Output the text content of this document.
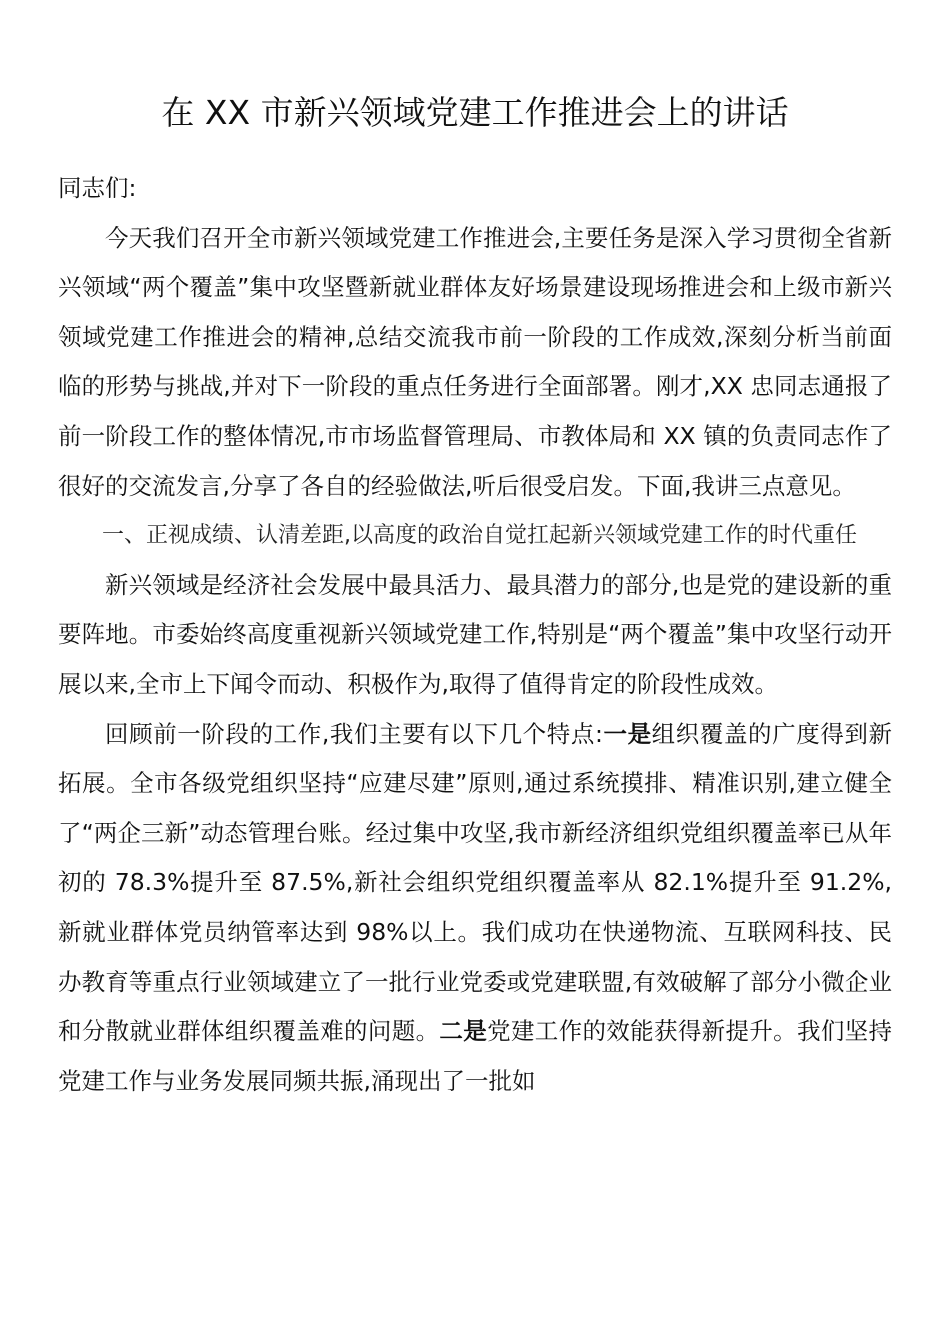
在 XX 市新兴领域党建工作推进会上的讲话

同志们:

今天我们召开全市新兴领域党建工作推进会,主要任务是深入学习贯彻全省新兴领域“两个覆盖”集中攻坚暨新就业群体友好场景建设现场推进会和上级市新兴领域党建工作推进会的精神,总结交流我市前一阶段的工作成效,深刻分析当前面临的形势与挑战,并对下一阶段的重点任务进行全面部署。刚才,XX 忠同志通报了前一阶段工作的整体情况,市市场监督管理局、市教体局和 XX 镇的负责同志作了很好的交流发言,分享了各自的经验做法,听后很受启发。下面,我讲三点意见。

一、正视成绩、认清差距,以高度的政治自觉扛起新兴领域党建工作的时代重任

新兴领域是经济社会发展中最具活力、最具潜力的部分,也是党的建设新的重要阵地。市委始终高度重视新兴领域党建工作,特别是“两个覆盖”集中攻坚行动开展以来,全市上下闻令而动、积极作为,取得了值得肯定的阶段性成效。

回顾前一阶段的工作,我们主要有以下几个特点:一是组织覆盖的广度得到新拓展。全市各级党组织坚持“应建尽建”原则,通过系统摸排、精准识别,建立健全了“两企三新”动态管理台账。经过集中攻坚,我市新经济组织党组织覆盖率已从年初的 78.3%提升至 87.5%,新社会组织党组织覆盖率从 82.1%提升至 91.2%,新就业群体党员纳管率达到 98%以上。我们成功在快递物流、互联网科技、民办教育等重点行业领域建立了一批行业党委或党建联盟,有效破解了部分小微企业和分散就业群体组织覆盖难的问题。二是党建工作的效能获得新提升。我们坚持党建工作与业务发展同频共振,涌现出了一批如
